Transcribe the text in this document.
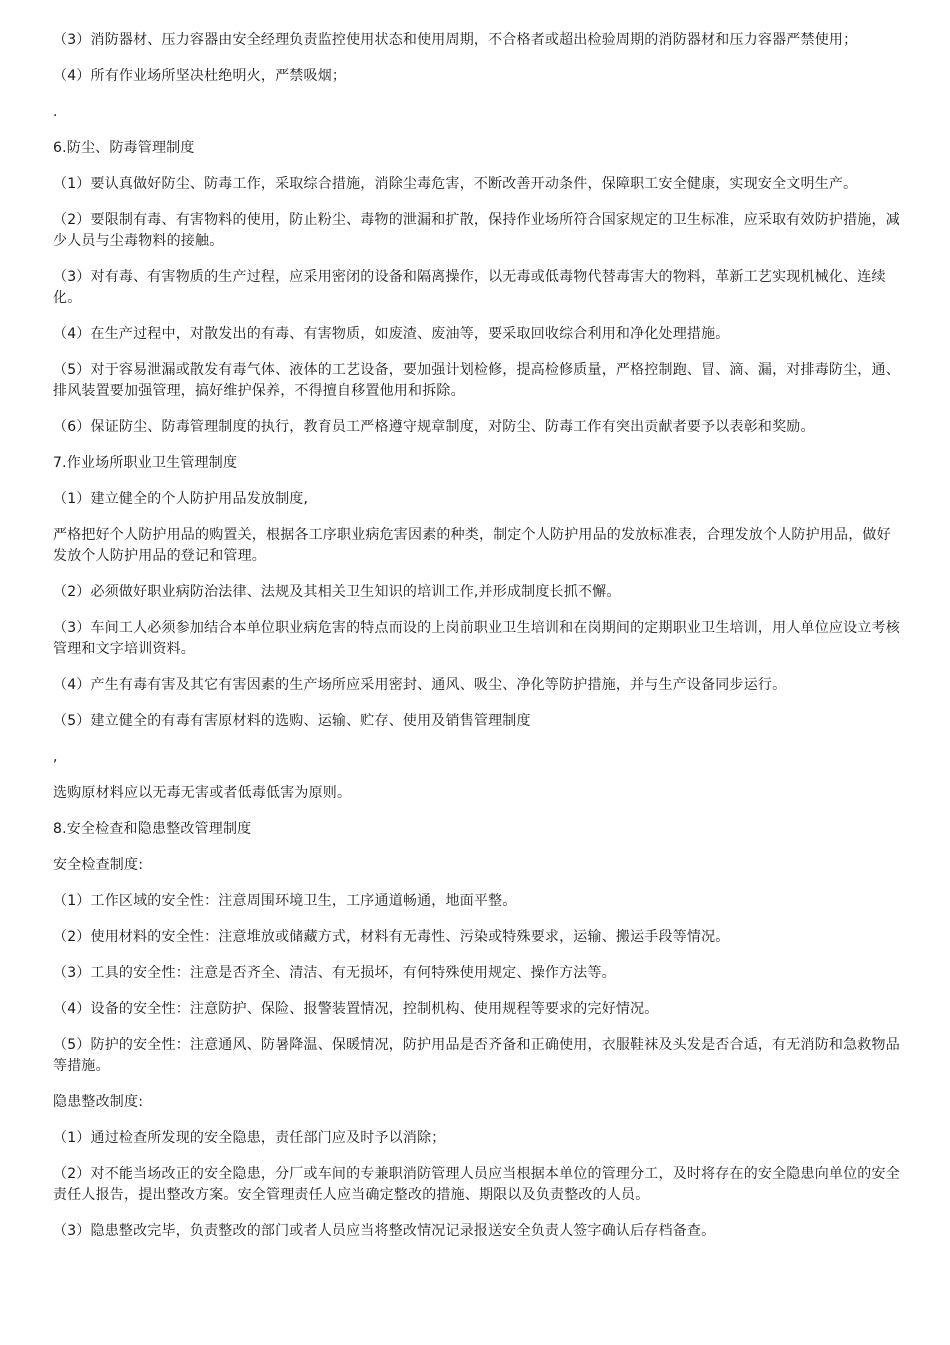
（3）消防器材、压力容器由安全经理负责监控使用状态和使用周期，不合格者或超出检验周期的消防器材和压力容器严禁使用；

（4）所有作业场所坚决杜绝明火，严禁吸烟；

.

6.防尘、防毒管理制度

（1）要认真做好防尘、防毒工作，采取综合措施，消除尘毒危害，不断改善开动条件，保障职工安全健康，实现安全文明生产。

（2）要限制有毒、有害物料的使用，防止粉尘、毒物的泄漏和扩散，保持作业场所符合国家规定的卫生标准，应采取有效防护措施，减少人员与尘毒物料的接触。

（3）对有毒、有害物质的生产过程，应采用密闭的设备和隔离操作，以无毒或低毒物代替毒害大的物料，革新工艺实现机械化、连续化。

（4）在生产过程中，对散发出的有毒、有害物质，如废渣、废油等，要采取回收综合利用和净化处理措施。

（5）对于容易泄漏或散发有毒气体、液体的工艺设备，要加强计划检修，提高检修质量，严格控制跑、冒、滴、漏，对排毒防尘，通、排风装置要加强管理，搞好维护保养，不得擅自移置他用和拆除。

（6）保证防尘、防毒管理制度的执行，教育员工严格遵守规章制度，对防尘、防毒工作有突出贡献者要予以表彰和奖励。

7.作业场所职业卫生管理制度

（1）建立健全的个人防护用品发放制度,

严格把好个人防护用品的购置关，根据各工序职业病危害因素的种类，制定个人防护用品的发放标准表，合理发放个人防护用品，做好发放个人防护用品的登记和管理。

（2）必须做好职业病防治法律、法规及其相关卫生知识的培训工作,并形成制度长抓不懈。

（3）车间工人必须参加结合本单位职业病危害的特点而设的上岗前职业卫生培训和在岗期间的定期职业卫生培训，用人单位应设立考核管理和文字培训资料。

（4）产生有毒有害及其它有害因素的生产场所应采用密封、通风、吸尘、净化等防护措施，并与生产设备同步运行。

（5）建立健全的有毒有害原材料的选购、运输、贮存、使用及销售管理制度

,

选购原材料应以无毒无害或者低毒低害为原则。

8.安全检查和隐患整改管理制度

安全检查制度:

（1）工作区域的安全性：注意周围环境卫生，工序通道畅通，地面平整。

（2）使用材料的安全性：注意堆放或储藏方式，材料有无毒性、污染或特殊要求，运输、搬运手段等情况。

（3）工具的安全性：注意是否齐全、清洁、有无损坏，有何特殊使用规定、操作方法等。

（4）设备的安全性：注意防护、保险、报警装置情况，控制机构、使用规程等要求的完好情况。

（5）防护的安全性：注意通风、防暑降温、保暖情况，防护用品是否齐备和正确使用，衣服鞋袜及头发是否合适，有无消防和急救物品等措施。

隐患整改制度:

（1）通过检查所发现的安全隐患，责任部门应及时予以消除；

（2）对不能当场改正的安全隐患，分厂或车间的专兼职消防管理人员应当根据本单位的管理分工，及时将存在的安全隐患向单位的安全责任人报告，提出整改方案。安全管理责任人应当确定整改的措施、期限以及负责整改的人员。

（3）隐患整改完毕，负责整改的部门或者人员应当将整改情况记录报送安全负责人签字确认后存档备查。
